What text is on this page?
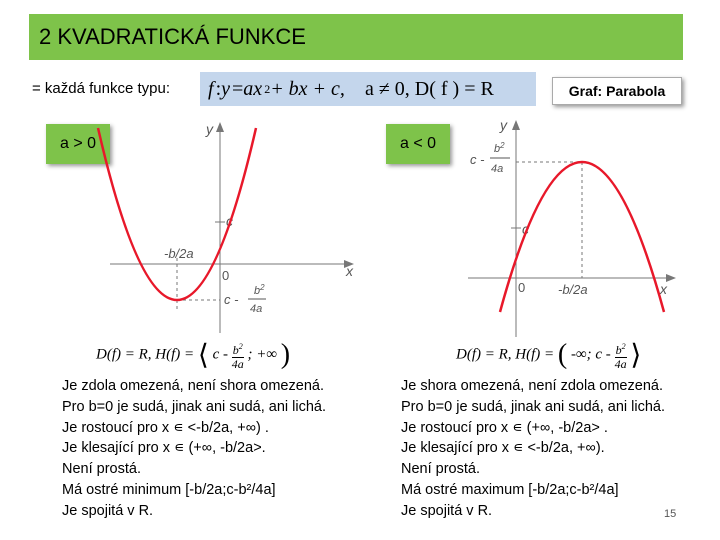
2 KVADRATICKÁ FUNKCE
= každá funkce typu: f : y = ax 2 + bx + c, a ≠ 0, D( f ) = R	Graf: Parabola
a > 0	a < 0
y
x
0
c
-b/2a
c -
$b^2$
4a
y
x
0
c
-b/2a
c -
$b^2$
4a
D(f) = R, H(f) = ⟨ c - $\frac{b^2}{4a}$ ; +∞ )	D(f) = R, H(f) = ( -∞; c - $\frac{b^2}{4a}$ ⟩
Je zdola omezená, není shora omezená.
Pro b=0 je sudá, jinak ani sudá, ani lichá.
Je rostoucí pro x ∊ <-b/2a, +∞) .
Je klesající pro x ∊ (+∞, -b/2a>.
Není prostá.
Má ostré minimum [-b/2a;c-b²/4a]
Je spojitá v R.
Je shora omezená, není zdola omezená.
Pro b=0 je sudá, jinak ani sudá, ani lichá.
Je rostoucí pro x ∊ (+∞, -b/2a> .
Je klesající pro x ∊ <-b/2a, +∞).
Není prostá.
Má ostré maximum [-b/2a;c-b²/4a]
Je spojitá v R.	15
